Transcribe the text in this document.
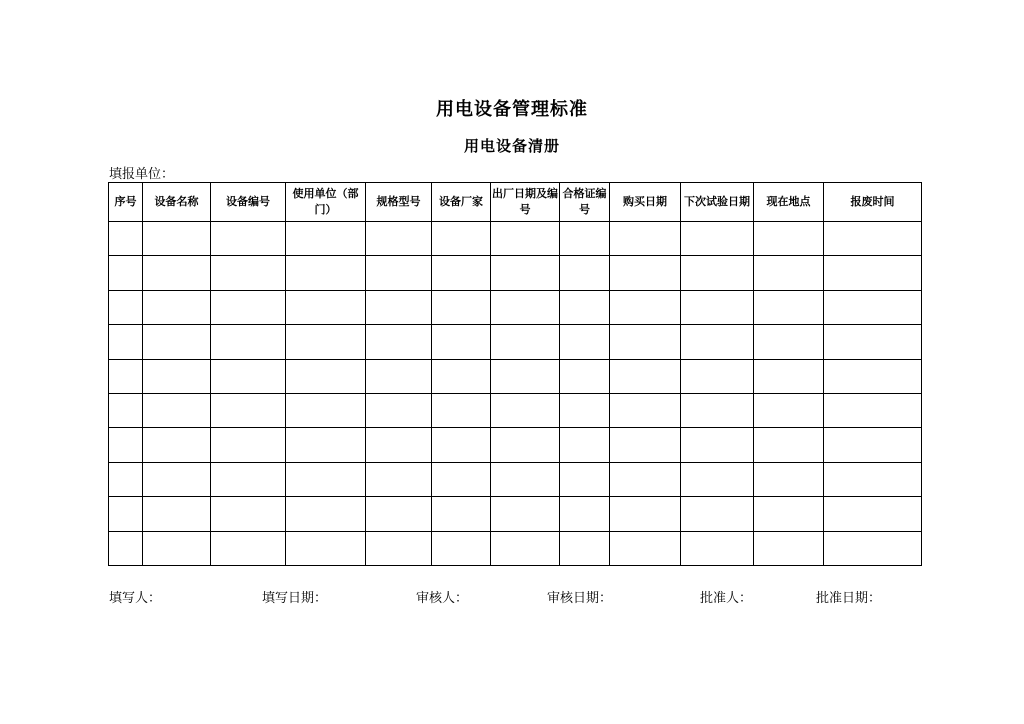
用电设备管理标准
用电设备清册
填报单位：
序号	设备名称	设备编号	使用单位（部门）	规格型号	设备厂家	出厂日期及编号	合格证编号	购买日期	下次试验日期	现在地点	报废时间

填写人：	填写日期：	审核人：	审核日期：	批准人：	批准日期：
